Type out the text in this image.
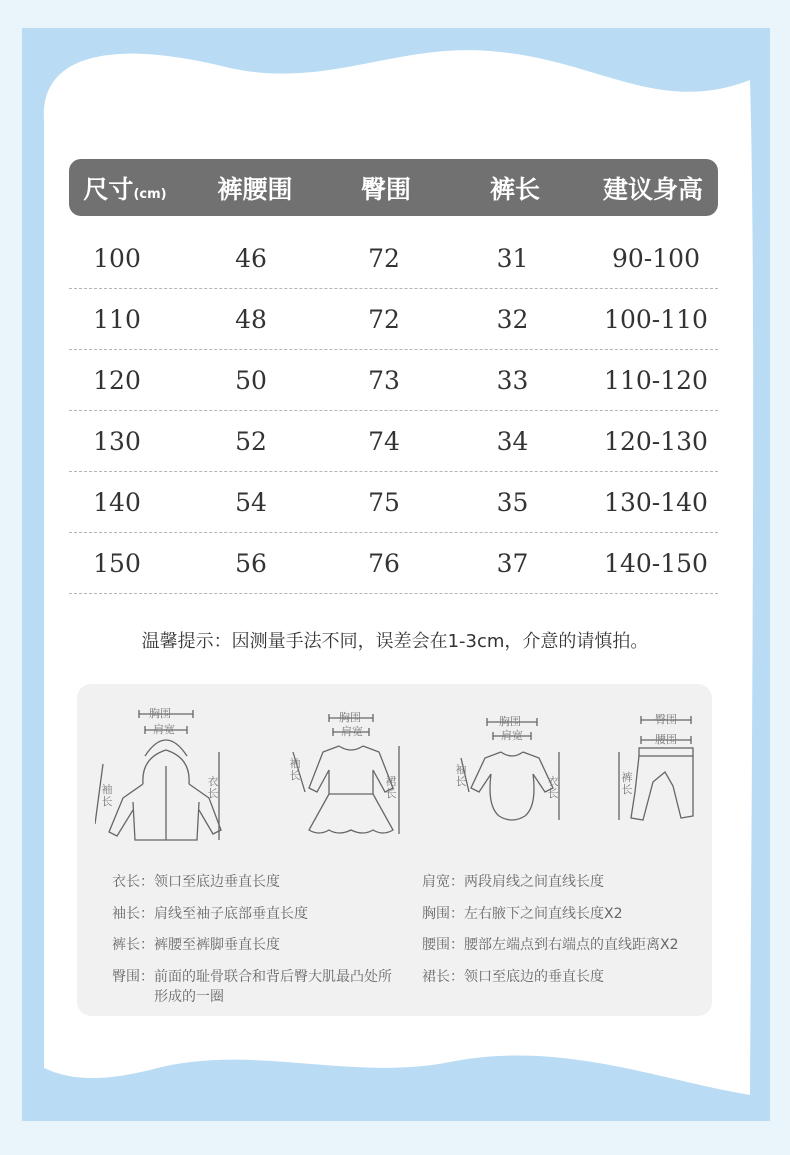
尺寸(cm)	裤腰围	臀围	裤长	建议身高
100	46	72	31	90-100
110	48	72	32	100-110
120	50	73	33	110-120
130	52	74	34	120-130
140	54	75	35	130-140
150	56	76	37	140-150
温馨提示：因测量手法不同，误差会在1-3cm，介意的请慎拍。
胸围
肩宽
袖长
衣长
胸围
肩宽
袖长	裙长
胸围
肩宽
袖长	衣长
臀围
腰围
裤长
衣长： 领口至底边垂直长度
袖长： 肩线至袖子底部垂直长度
裤长： 裤腰至裤脚垂直长度
臀围： 前面的耻骨联合和背后臀大肌最凸处所形成的一圈
肩宽： 两段肩线之间直线长度
胸围： 左右腋下之间直线长度X2
腰围： 腰部左端点到右端点的直线距离X2
裙长： 领口至底边的垂直长度
